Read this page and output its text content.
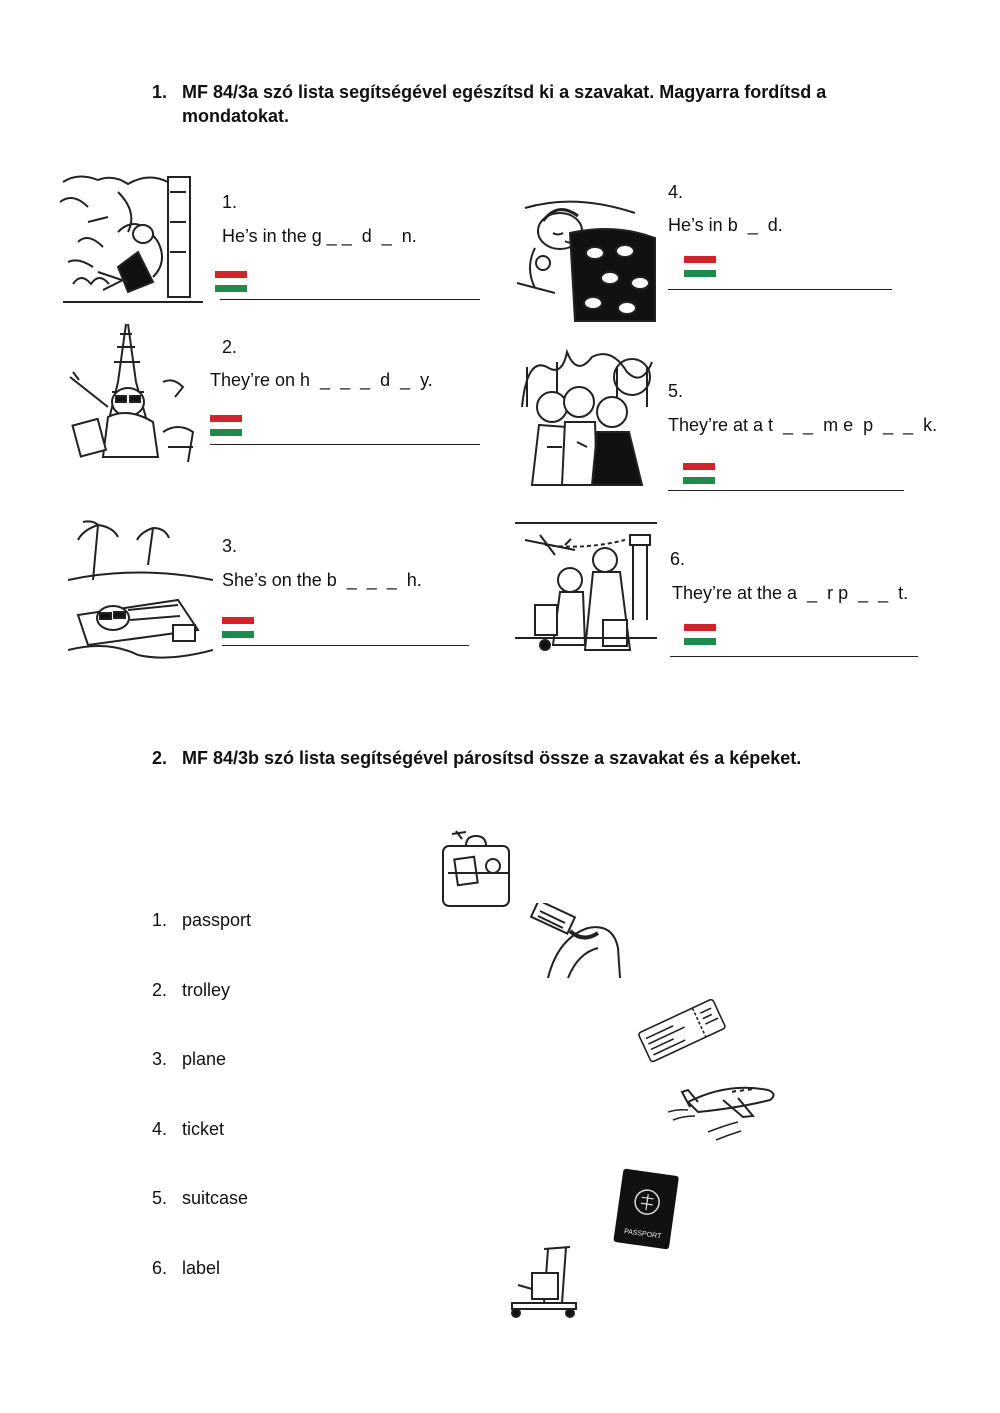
1. MF 84/3a szó lista segítségével egészítsd ki a szavakat. Magyarra fordítsd a mondatokat.
1.
He’s in the g _ _  d  _  n.
2.
They’re on h  _  _  _  d  _  y.
3.
She’s on the b  _  _  _  h.
4.
He’s in b  _  d.
5.
They’re at a t  _  _  m e  p  _  _  k.
6.
They’re at the a  _  r p  _  _  t.
2. MF 84/3b szó lista segítségével párosítsd össze a szavakat és a képeket.
1. passport
2. trolley
3. plane
4. ticket
5. suitcase
6. label
PASSPORT
